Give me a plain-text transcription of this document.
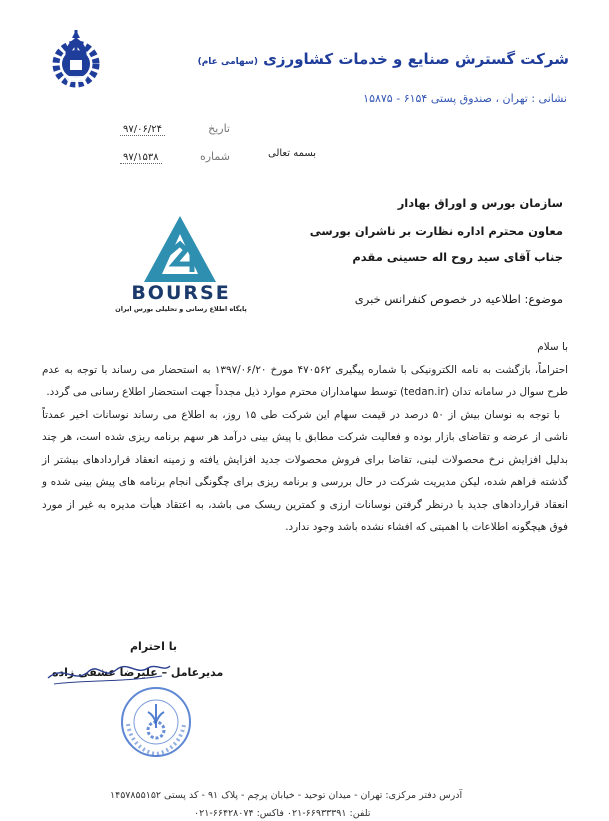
شرکت گسترش صنایع و خدمات کشاورزی (سهامی عام)
نشانی : تهران ، صندوق پستی ۶۱۵۴ - ۱۵۸۷۵
تاریخ
۹۷/۰۶/۲۴
شماره
۹۷/۱۵۳۸	بسمه تعالی
سازمان بورس و اوراق بهادار
معاون محترم اداره نظارت بر ناشران بورسی
جناب آقای سید روح اله حسینی مقدم
BOURSE
پایگاه اطلاع رسانی و تحلیلی بورس ایران
موضوع: اطلاعیه در خصوص کنفرانس خبری

با سلام

احتراماً، بازگشت به نامه الکترونیکی با شماره پیگیری ۴۷۰۵۶۲ مورخ ۱۳۹۷/۰۶/۲۰ به استحضار می رساند با توجه به عدم طرح سوال در سامانه تدان (tedan.ir) توسط سهامداران محترم موارد ذیل مجدداً جهت استحضار اطلاع رسانی می گردد.

با توجه به نوسان بیش از ۵۰ درصد در قیمت سهام این شرکت طی ۱۵ روز، به اطلاع می رساند نوسانات اخیر عمدتاً ناشی از عرضه و تقاضای بازار بوده و فعالیت شرکت مطابق با پیش بینی درآمد هر سهم برنامه ریزی شده است، هر چند بدلیل افزایش نرخ محصولات لبنی، تقاضا برای فروش محصولات جدید افزایش یافته و زمینه انعقاد قراردادهای بیشتر از گذشته فراهم شده، لیکن مدیریت شرکت در حال بررسی و برنامه ریزی برای چگونگی انجام برنامه های پیش بینی شده و انعقاد قراردادهای جدید با درنظر گرفتن نوسانات ارزی و کمترین ریسک می باشد، به اعتقاد هیأت مدیره به غیر از مورد فوق هیچگونه اطلاعات با اهمیتی که افشاء نشده باشد وجود ندارد.

با احترام
مدیرعامل – علیرضا عشقی زاده
آدرس دفتر مرکزی: تهران - میدان توحید - خیابان پرچم - پلاک ۹۱ - کد پستی ۱۴۵۷۸۵۵۱۵۲
تلفن: ۶۶۹۳۳۳۹۱-۰۲۱ فاکس: ۶۶۴۲۸۰۷۴-۰۲۱
